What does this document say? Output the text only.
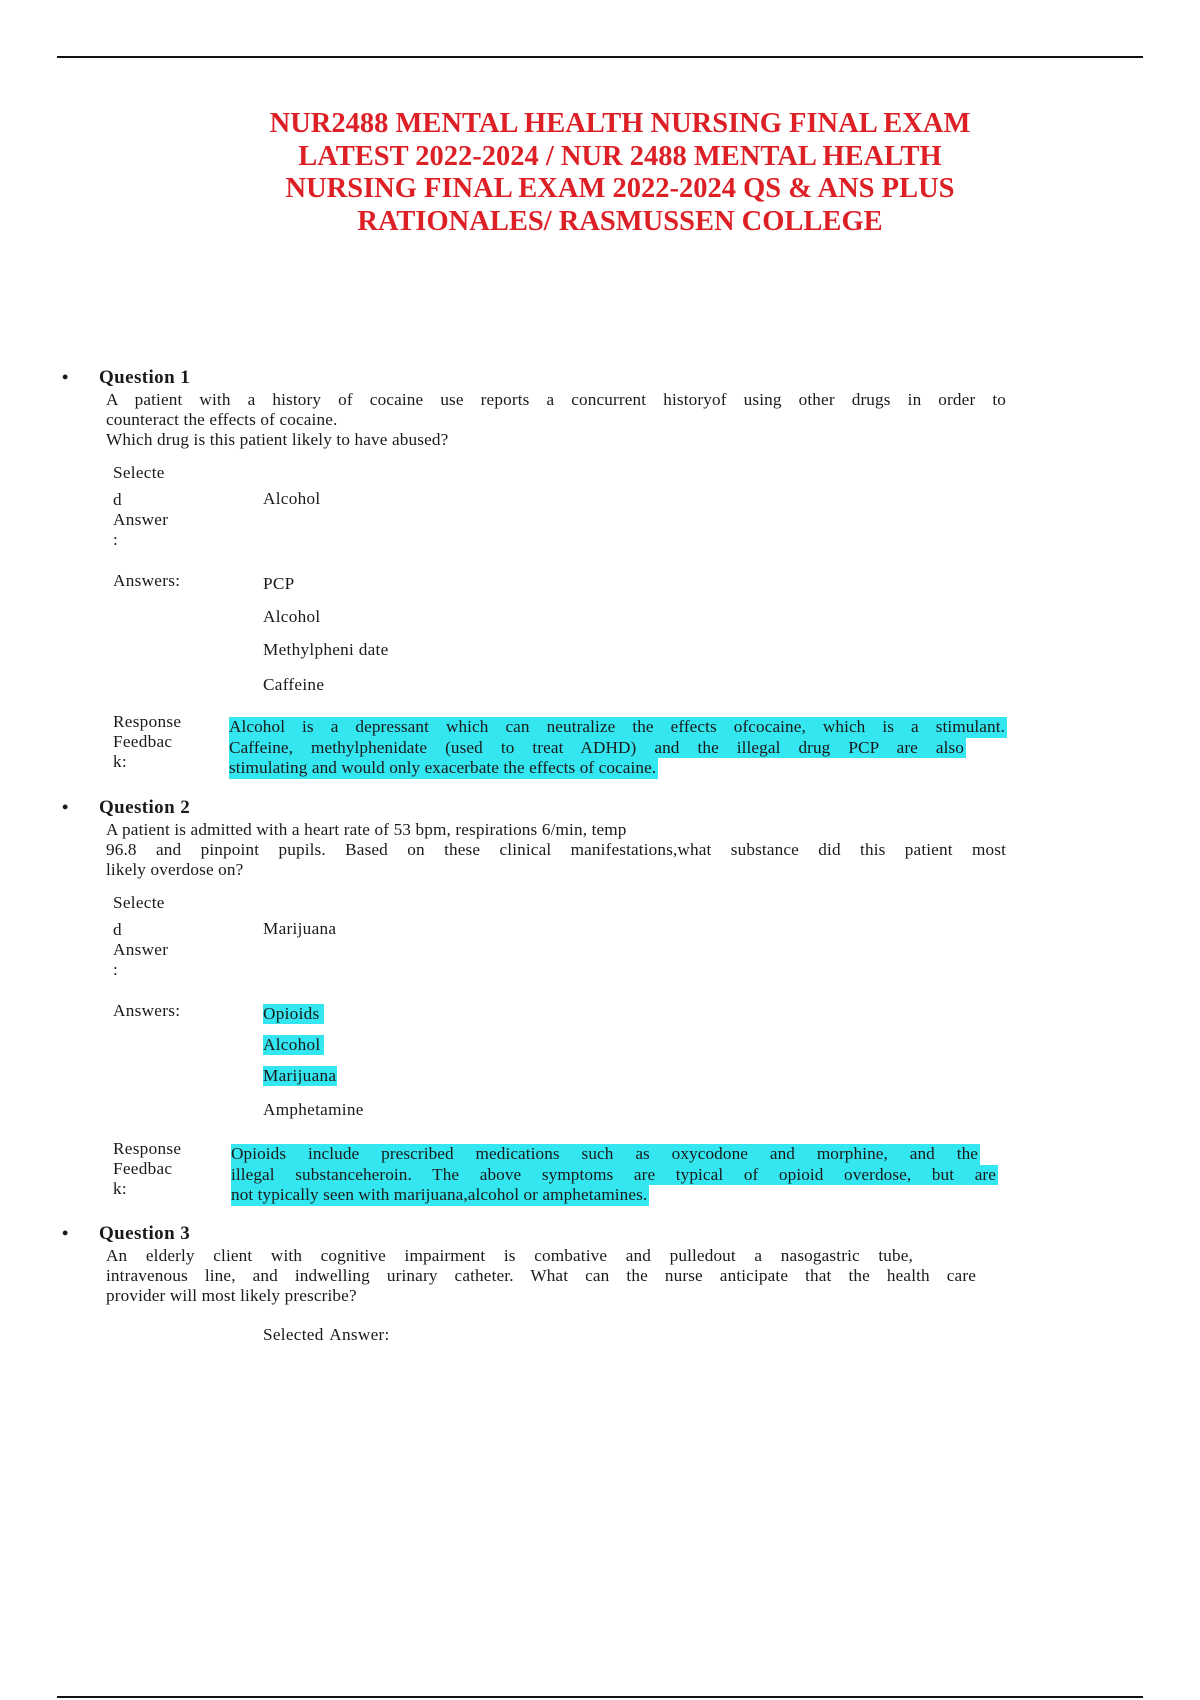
NUR2488 MENTAL HEALTH NURSING FINAL EXAM
LATEST 2022-2024 / NUR 2488 MENTAL HEALTH
NURSING FINAL EXAM 2022-2024 QS & ANS PLUS
RATIONALES/ RASMUSSEN COLLEGE
• Question 1
A patient with a history of cocaine use reports a concurrent historyof using other drugs in order to
counteract the effects of cocaine.
Which drug is this patient likely to have abused?
Selecte
d
Answer
:
Alcohol
Answers:	PCP
Alcohol
Methylpheni date
Caffeine
Response
Feedbac
k:
Alcohol is a depressant which can neutralize the effects ofcocaine, which is a stimulant.
Caffeine, methylphenidate (used to treat ADHD) and the illegal drug PCP are also
stimulating and would only exacerbate the effects of cocaine.
• Question 2
A patient is admitted with a heart rate of 53 bpm, respirations 6/min, temp
96.8 and pinpoint pupils. Based on these clinical manifestations,what substance did this patient most
likely overdose on?
Selecte
d
Answer
:
Marijuana
Answers:	Opioids
Alcohol
Marijuana
Amphetamine
Response
Feedbac
k:
Opioids include prescribed medications such as oxycodone and morphine, and the
illegal substanceheroin. The above symptoms are typical of opioid overdose, but are
not typically seen with marijuana,alcohol or amphetamines.
• Question 3
An elderly client with cognitive impairment is combative and pulledout a nasogastric tube,
intravenous line, and indwelling urinary catheter. What can the nurse anticipate that the health care
provider will most likely prescribe?
Selected Answer:
